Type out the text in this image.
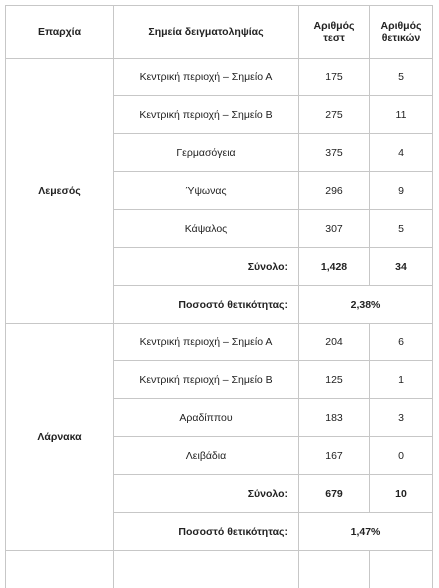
Επαρχία	Σημεία δειγματοληψίας	Αριθμός τεστ	Αριθμός
θετικών
Λεμεσός	Κεντρική περιοχή – Σημείο Α	175	5
	Κεντρική περιοχή – Σημείο Β	275	11
	Γερμασόγεια	375	4
	Ύψωνας	296	9
	Κάψαλος	307	5
	Σύνολο:	1,428	34
	Ποσοστό θετικότητας:	2,38%	
Λάρνακα	Κεντρική περιοχή – Σημείο Α	204	6
	Κεντρική περιοχή – Σημείο Β	125	1
	Αραδίππου	183	3
	Λειβάδια	167	0
	Σύνολο:	679	10
	Ποσοστό θετικότητας:	1,47%	
